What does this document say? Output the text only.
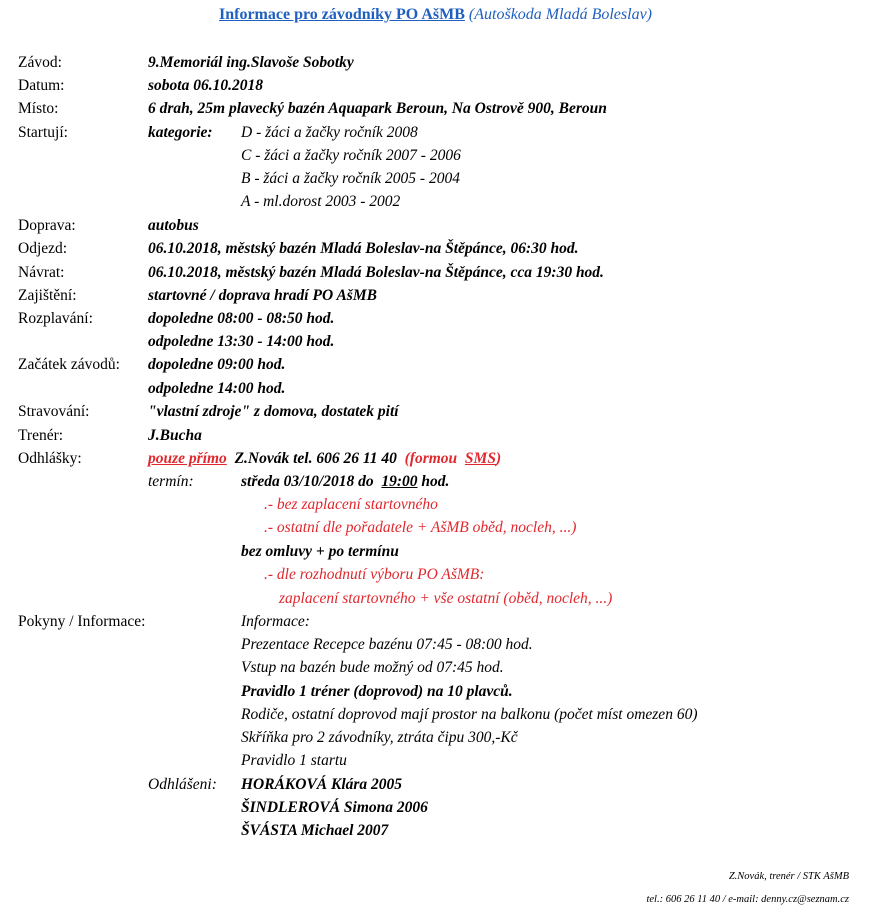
Informace pro závodníky PO AšMB (Autoškoda Mladá Boleslav)
Závod:	9.Memoriál ing.Slavoše Sobotky
Datum:	sobota 06.10.2018
Místo:	6 drah, 25m plavecký bazén Aquapark Beroun, Na Ostrově 900, Beroun
Startují:	kategorie: D - žáci a žačky ročník 2008
C - žáci a žačky ročník 2007 - 2006
B - žáci a žačky ročník 2005 - 2004
A - ml.dorost 2003 - 2002
Doprava:	autobus
Odjezd:	06.10.2018, městský bazén Mladá Boleslav-na Štěpánce, 06:30 hod.
Návrat:	06.10.2018, městský bazén Mladá Boleslav-na Štěpánce, cca 19:30 hod.
Zajištění:	startovné / doprava hradí PO AšMB
Rozplavání:	dopoledne 08:00 - 08:50 hod.
odpoledne 13:30 - 14:00 hod.
Začátek závodů: dopoledne 09:00 hod.
odpoledne 14:00 hod.
Stravování:	"vlastní zdroje" z domova, dostatek pití
Trenér:	J.Bucha
Odhlášky:	pouze přímo Z.Novák tel. 606 26 11 40 (formou SMS)
termín:	středa 03/10/2018 do 19:00 hod.
.- bez zaplacení startovného
.- ostatní dle pořadatele + AšMB oběd, nocleh, ...)
bez omluvy + po termínu
.- dle rozhodnutí výboru PO AšMB:
zaplacení startovného + vše ostatní (oběd, nocleh, ...)
Pokyny / Informace:	Informace:
Prezentace Recepce bazénu 07:45 - 08:00 hod.
Vstup na bazén bude možný od 07:45 hod.
Pravidlo 1 tréner (doprovod) na 10 plavců.
Rodiče, ostatní doprovod mají prostor na balkonu (počet míst omezen 60)
Skříňka pro 2 závodníky, ztráta čipu 300,-Kč
Pravidlo 1 startu
Odhlášeni: HORÁKOVÁ Klára 2005
ŠINDLEROVÁ Simona 2006
ŠVÁSTA Michael 2007
Z.Novák, trenér / STK AšMB
tel.: 606 26 11 40 / e-mail: denny.cz@seznam.cz
